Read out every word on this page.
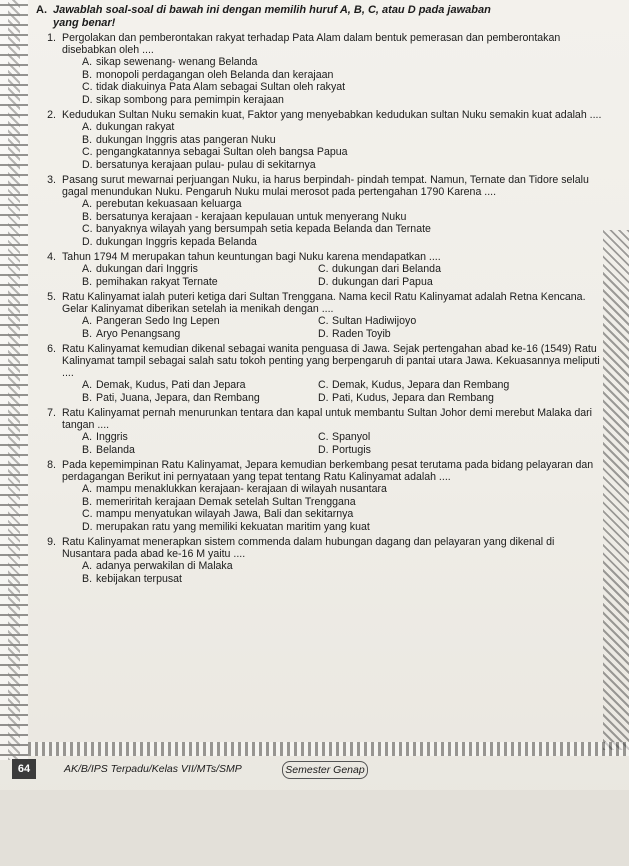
A. Jawablah soal-soal di bawah ini dengan memilih huruf A, B, C, atau D pada jawaban
yang benar!
1. Pergolakan dan pemberontakan rakyat terhadap Pata Alam dalam bentuk pemerasan dan pemberontakan disebabkan oleh ....
A. sikap sewenang- wenang Belanda
B. monopoli perdagangan oleh Belanda dan kerajaan
C. tidak diakuinya Pata Alam sebagai Sultan oleh rakyat
D. sikap sombong para pemimpin kerajaan
2. Kedudukan Sultan Nuku semakin kuat, Faktor yang menyebabkan kedudukan sultan Nuku semakin kuat adalah ....
A. dukungan rakyat
B. dukungan Inggris atas pangeran Nuku
C. pengangkatannya sebagai Sultan oleh bangsa Papua
D. bersatunya kerajaan pulau- pulau di sekitarnya
3. Pasang surut mewarnai perjuangan Nuku, ia harus berpindah- pindah tempat. Namun, Ternate dan Tidore selalu gagal menundukan Nuku. Pengaruh Nuku mulai merosot pada pertengahan 1790 Karena ....
A. perebutan kekuasaan keluarga
B. bersatunya kerajaan - kerajaan kepulauan untuk menyerang Nuku
C. banyaknya wilayah yang bersumpah setia kepada Belanda dan Ternate
D. dukungan Inggris kepada Belanda
4. Tahun 1794 M merupakan tahun keuntungan bagi Nuku karena mendapatkan ....
A. dukungan dari Inggris	C. dukungan dari Belanda
B. pemihakan rakyat Ternate	D. dukungan dari Papua
5. Ratu Kalinyamat ialah puteri ketiga dari Sultan Trenggana. Nama kecil Ratu Kalinyamat adalah Retna Kencana. Gelar Kalinyamat diberikan setelah ia menikah dengan ....
A. Pangeran Sedo Ing Lepen	C. Sultan Hadiwijoyo
B. Aryo Penangsang	D. Raden Toyib
6. Ratu Kalinyamat kemudian dikenal sebagai wanita penguasa di Jawa. Sejak pertengahan abad ke-16 (1549) Ratu Kalinyamat tampil sebagai salah satu tokoh penting yang berpengaruh di pantai utara Jawa. Kekuasannya meliputi ....
A. Demak, Kudus, Pati dan Jepara	C. Demak, Kudus, Jepara dan Rembang
B. Pati, Juana, Jepara, dan Rembang	D. Pati, Kudus, Jepara dan Rembang
7. Ratu Kalinyamat pernah menurunkan tentara dan kapal untuk membantu Sultan Johor demi merebut Malaka dari tangan ....
A. Inggris	C. Spanyol
B. Belanda	D. Portugis
8. Pada kepemimpinan Ratu Kalinyamat, Jepara kemudian berkembang pesat terutama pada bidang pelayaran dan perdagangan Berikut ini pernyataan yang tepat tentang Ratu Kalinyamat adalah ....
A. mampu menaklukkan kerajaan- kerajaan di wilayah nusantara
B. memeriritah kerajaan Demak setelah Sultan Trenggana
C. mampu menyatukan wilayah Jawa, Bali dan sekitarnya
D. merupakan ratu yang memiliki kekuatan maritim yang kuat
9. Ratu Kalinyamat menerapkan sistem commenda dalam hubungan dagang dan pelayaran yang dikenal di Nusantara pada abad ke-16 M yaitu ....
A. adanya perwakilan di Malaka
B. kebijakan terpusat
64	AK/B/IPS Terpadu/Kelas VII/MTs/SMP	Semester Genap
